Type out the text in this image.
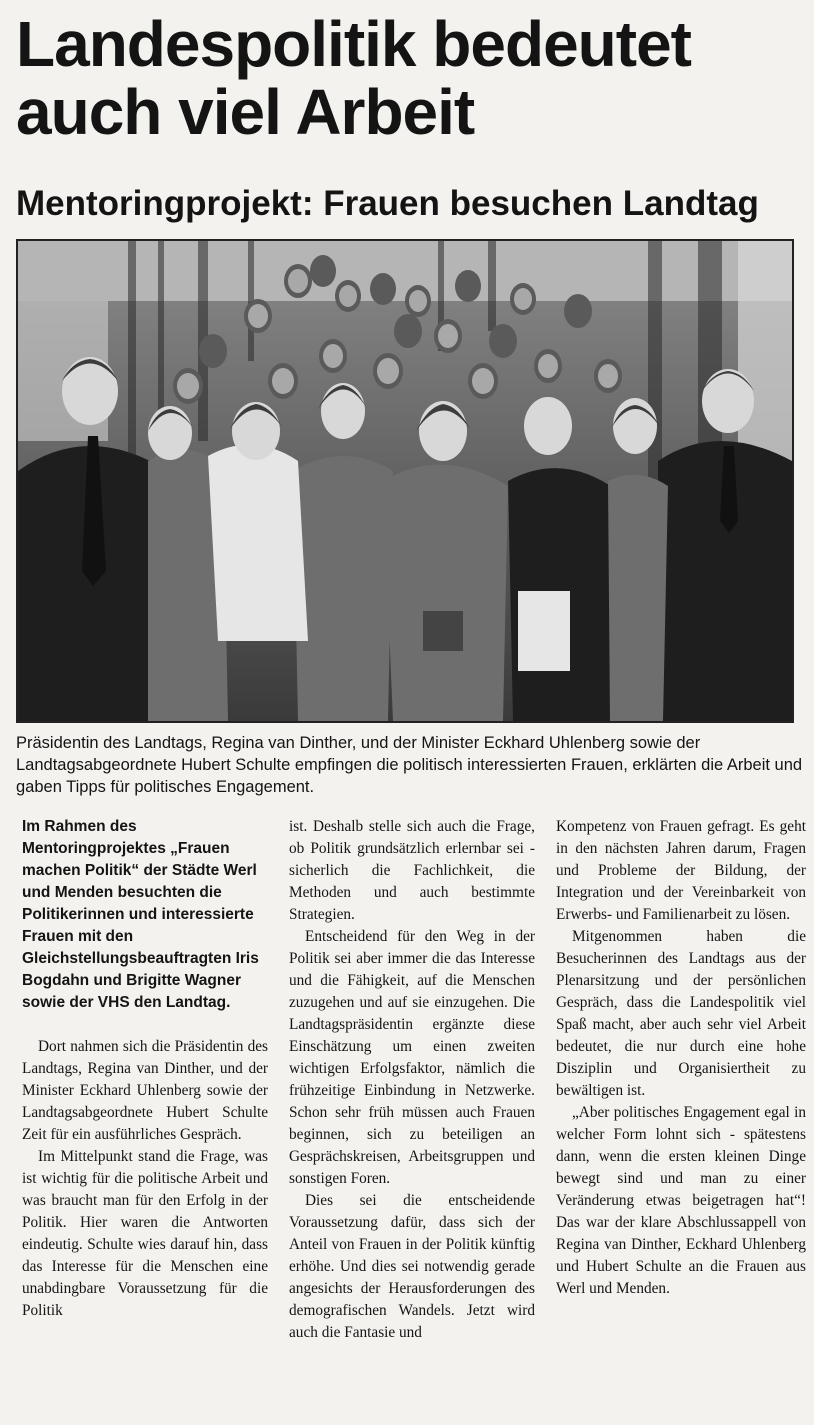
Landespolitik bedeutet auch viel Arbeit
Mentoringprojekt: Frauen besuchen Landtag

Präsidentin des Landtags, Regina van Dinther, und der Minister Eckhard Uhlenberg sowie der Landtagsabgeordnete Hubert Schulte empfingen die politisch interessierten Frauen, erklärten die Arbeit und gaben Tipps für politisches Engagement.

Im Rahmen des Mentoringprojektes „Frauen machen Politik“ der Städte Werl und Menden besuchten die Politikerinnen und interessierte Frauen mit den Gleichstellungsbeauftragten Iris Bogdahn und Brigitte Wagner sowie der VHS den Landtag.

Dort nahmen sich die Präsidentin des Landtags, Regina van Dinther, und der Minister Eckhard Uhlenberg sowie der Landtagsabgeordnete Hubert Schulte Zeit für ein ausführliches Gespräch.

Im Mittelpunkt stand die Frage, was ist wichtig für die politische Arbeit und was braucht man für den Erfolg in der Politik. Hier waren die Antworten eindeutig. Schulte wies darauf hin, dass das Interesse für die Menschen eine unabdingbare Voraussetzung für die Politik

ist. Deshalb stelle sich auch die Frage, ob Politik grundsätzlich erlernbar sei - sicherlich die Fachlichkeit, die Methoden und auch bestimmte Strategien.

Entscheidend für den Weg in der Politik sei aber immer die das Interesse und die Fähigkeit, auf die Menschen zuzugehen und auf sie einzugehen. Die Landtagspräsidentin ergänzte diese Einschätzung um einen zweiten wichtigen Erfolgsfaktor, nämlich die frühzeitige Einbindung in Netzwerke. Schon sehr früh müssen auch Frauen beginnen, sich zu beteiligen an Gesprächskreisen, Arbeitsgruppen und sonstigen Foren.

Dies sei die entscheidende Voraussetzung dafür, dass sich der Anteil von Frauen in der Politik künftig erhöhe. Und dies sei notwendig gerade angesichts der Herausforderungen des demografischen Wandels. Jetzt wird auch die Fantasie und

Kompetenz von Frauen gefragt. Es geht in den nächsten Jahren darum, Fragen und Probleme der Bildung, der Integration und der Vereinbarkeit von Erwerbs- und Familienarbeit zu lösen.

Mitgenommen haben die Besucherinnen des Landtags aus der Plenarsitzung und der persönlichen Gespräch, dass die Landespolitik viel Spaß macht, aber auch sehr viel Arbeit bedeutet, die nur durch eine hohe Disziplin und Organisiertheit zu bewältigen ist.

„Aber politisches Engagement egal in welcher Form lohnt sich - spätestens dann, wenn die ersten kleinen Dinge bewegt sind und man zu einer Veränderung etwas beigetragen hat“! Das war der klare Abschlussappell von Regina van Dinther, Eckhard Uhlenberg und Hubert Schulte an die Frauen aus Werl und Menden.
